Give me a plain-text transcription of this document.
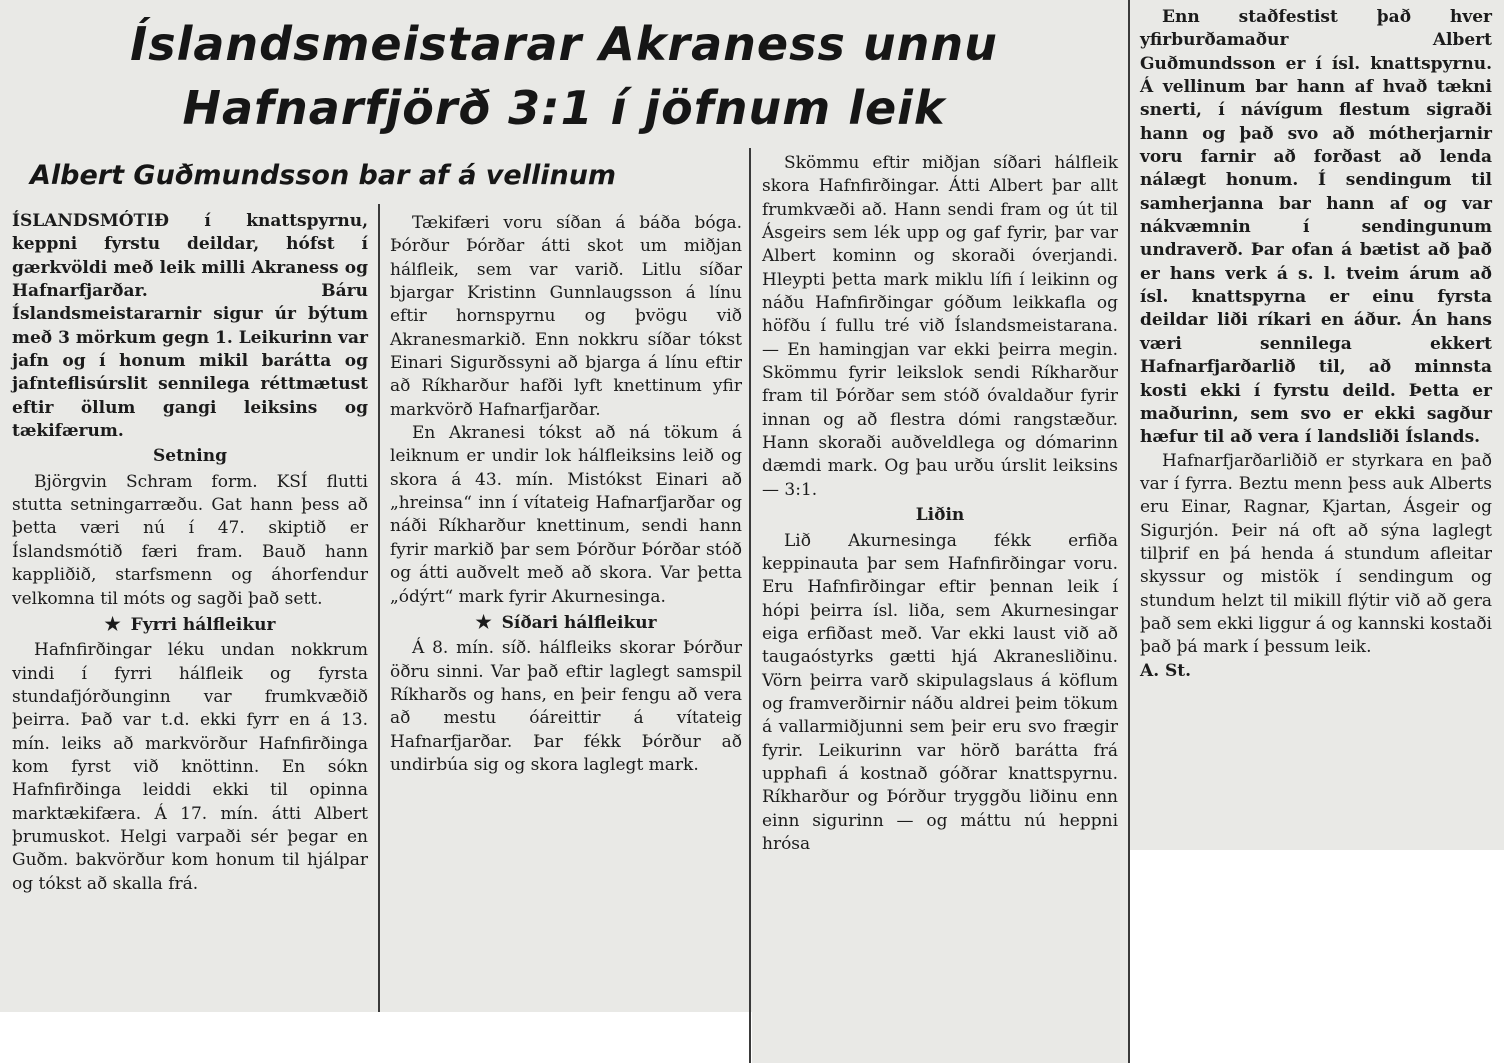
Íslandsmeistarar Akraness unnu
Hafnarfjörð 3:1 í jöfnum leik
Albert Guðmundsson bar af á vellinum

ÍSLANDSMÓTIÐ í knattspyrnu, keppni fyrstu deildar, hófst í gærkvöldi með leik milli Akraness og Hafnarfjarðar. Báru Íslandsmeistararnir sigur úr býtum með 3 mörkum gegn 1. Leikurinn var jafn og í honum mikil barátta og jafnteflisúrslit sennilega réttmætust eftir öllum gangi leiksins og tækifærum.

Setning

Björgvin Schram form. KSÍ flutti stutta setningarræðu. Gat hann þess að þetta væri nú í 47. skiptið er Íslandsmótið færi fram. Bauð hann kappliðið, starfsmenn og áhorfendur velkomna til móts og sagði það sett.

★ Fyrri hálfleikur

Hafnfirðingar léku undan nokkrum vindi í fyrri hálfleik og fyrsta stundafjórðunginn var frumkvæðið þeirra. Það var t.d. ekki fyrr en á 13. mín. leiks að markvörður Hafnfirðinga kom fyrst við knöttinn. En sókn Hafnfirðinga leiddi ekki til opinna marktækifæra. Á 17. mín. átti Albert þrumuskot. Helgi varpaði sér þegar en Guðm. bakvörður kom honum til hjálpar og tókst að skalla frá.

Tækifæri voru síðan á báða bóga. Þórður Þórðar átti skot um miðjan hálfleik, sem var varið. Litlu síðar bjargar Kristinn Gunnlaugsson á línu eftir hornspyrnu og þvögu við Akranesmarkið. Enn nokkru síðar tókst Einari Sigurðssyni að bjarga á línu eftir að Ríkharður hafði lyft knettinum yfir markvörð Hafnarfjarðar.

En Akranesi tókst að ná tökum á leiknum er undir lok hálfleiksins leið og skora á 43. mín. Mistókst Einari að „hreinsa“ inn í vítateig Hafnarfjarðar og náði Ríkharður knettinum, sendi hann fyrir markið þar sem Þórður Þórðar stóð og átti auðvelt með að skora. Var þetta „ódýrt“ mark fyrir Akurnesinga.

★ Síðari hálfleikur

Á 8. mín. síð. hálfleiks skorar Þórður öðru sinni. Var það eftir laglegt samspil Ríkharðs og hans, en þeir fengu að vera að mestu óáreittir á vítateig Hafnarfjarðar. Þar fékk Þórður að undirbúa sig og skora laglegt mark.

Skömmu eftir miðjan síðari hálfleik skora Hafnfirðingar. Átti Albert þar allt frumkvæði að. Hann sendi fram og út til Ásgeirs sem lék upp og gaf fyrir, þar var Albert kominn og skoraði óverjandi. Hleypti þetta mark miklu lífi í leikinn og náðu Hafnfirðingar góðum leikkafla og höfðu í fullu tré við Íslandsmeistarana. — En hamingjan var ekki þeirra megin. Skömmu fyrir leikslok sendi Ríkharður fram til Þórðar sem stóð óvaldaður fyrir innan og að flestra dómi rangstæður. Hann skoraði auðveldlega og dómarinn dæmdi mark. Og þau urðu úrslit leiksins — 3:1.

Liðin

Lið Akurnesinga fékk erfiða keppinauta þar sem Hafnfirðingar voru. Eru Hafnfirðingar eftir þennan leik í hópi þeirra ísl. liða, sem Akurnesingar eiga erfiðast með. Var ekki laust við að taugaóstyrks gætti hjá Akranesliðinu. Vörn þeirra varð skipulagslaus á köflum og framverðirnir náðu aldrei þeim tökum á vallarmiðjunni sem þeir eru svo frægir fyrir. Leikurinn var hörð barátta frá upphafi á kostnað góðrar knattspyrnu. Ríkharður og Þórður tryggðu liðinu enn einn sigurinn — og máttu nú heppni hrósa

Enn staðfestist það hver yfirburðamaður Albert Guðmundsson er í ísl. knattspyrnu. Á vellinum bar hann af hvað tækni snerti, í návígum flestum sigraði hann og það svo að mótherjarnir voru farnir að forðast að lenda nálægt honum. Í sendingum til samherjanna bar hann af og var nákvæmnin í sendingunum undraverð. Þar ofan á bætist að það er hans verk á s. l. tveim árum að ísl. knattspyrna er einu fyrsta deildar liði ríkari en áður. Án hans væri sennilega ekkert Hafnarfjarðarlið til, að minnsta kosti ekki í fyrstu deild. Þetta er maðurinn, sem svo er ekki sagður hæfur til að vera í landsliði Íslands.

Hafnarfjarðarliðið er styrkara en það var í fyrra. Beztu menn þess auk Alberts eru Einar, Ragnar, Kjartan, Ásgeir og Sigurjón. Þeir ná oft að sýna laglegt tilþrif en þá henda á stundum afleitar skyssur og mistök í sendingum og stundum helzt til mikill flýtir við að gera það sem ekki liggur á og kannski kostaði það þá mark í þessum leik.

A. St.
